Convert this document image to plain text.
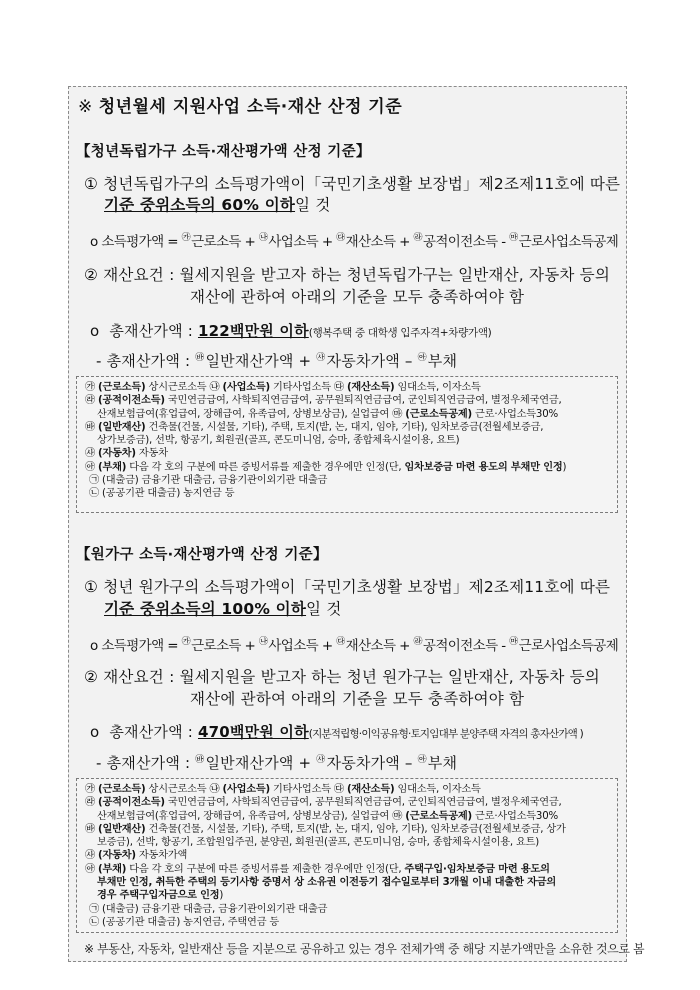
※ 청년월세 지원사업 소득·재산 산정 기준
【청년독립가구 소득·재산평가액 산정 기준】
① 청년독립가구의 소득평가액이「국민기초생활 보장법」제2조제11호에 따른
기준 중위소득의 60% 이하일 것
o 소득평가액 = ㉮근로소득 + ㉯사업소득 + ㉰재산소득 + ㉱공적이전소득 - ㉲근로사업소득공제
② 재산요건 : 월세지원을 받고자 하는 청년독립가구는 일반재산, 자동차 등의
재산에 관하여 아래의 기준을 모두 충족하여야 함
o 총재산가액 : 122백만원 이하(행복주택 중 대학생 입주자격+차량가액)
- 총재산가액 : ㉳일반재산가액 + ㉴자동차가액 – ㉵부채
㉮ (근로소득) 상시근로소득 ㉯ (사업소득) 기타사업소득 ㉰ (재산소득) 임대소득, 이자소득
㉱ (공적이전소득) 국민연금급여, 사학퇴직연금급여, 공무원퇴직연금급여, 군인퇴직연금급여, 별정우체국연금,
산재보험급여(휴업급여, 장해급여, 유족급여, 상병보상금), 실업급여 ㉲ (근로소득공제) 근로·사업소득30%
㉳ (일반재산) 건축물(건물, 시설물, 기타), 주택, 토지(밭, 논, 대지, 임야, 기타), 임차보증금(전월세보증금,
상가보증금), 선박, 항공기, 회원권(골프, 콘도미니엄, 승마, 종합체육시설이용, 요트)
㉴ (자동차) 자동차
㉵ (부채) 다음 각 호의 구분에 따른 증빙서류를 제출한 경우에만 인정(단, 임차보증금 마련 용도의 부채만 인정)
㉠ (대출금) 금융기관 대출금, 금융기관이외기관 대출금
㉡ (공공기관 대출금) 농지연금 등
【원가구 소득·재산평가액 산정 기준】
① 청년 원가구의 소득평가액이「국민기초생활 보장법」제2조제11호에 따른
기준 중위소득의 100% 이하일 것
o 소득평가액 = ㉮근로소득 + ㉯사업소득 + ㉰재산소득 + ㉱공적이전소득 - ㉲근로사업소득공제
② 재산요건 : 월세지원을 받고자 하는 청년 원가구는 일반재산, 자동차 등의
재산에 관하여 아래의 기준을 모두 충족하여야 함
o 총재산가액 : 470백만원 이하(지분적립형·이익공유형·토지임대부 분양주택 자격의 총자산가액 )
- 총재산가액 : ㉳일반재산가액 + ㉴자동차가액 – ㉵부채
㉮ (근로소득) 상시근로소득 ㉯ (사업소득) 기타사업소득 ㉰ (재산소득) 임대소득, 이자소득
㉱ (공적이전소득) 국민연금급여, 사학퇴직연금급여, 공무원퇴직연금급여, 군인퇴직연금급여, 별정우체국연금,
산재보험급여(휴업급여, 장해급여, 유족급여, 상병보상금), 실업급여 ㉲ (근로소득공제) 근로·사업소득30%
㉳ (일반재산) 건축물(건물, 시설물, 기타), 주택, 토지(밭, 논, 대지, 임야, 기타), 임차보증금(전월세보증금, 상가
보증금), 선박, 항공기, 조합원입주권, 분양권, 회원권(골프, 콘도미니엄, 승마, 종합체육시설이용, 요트)
㉴ (자동차) 자동차가액
㉵ (부채) 다음 각 호의 구분에 따른 증빙서류를 제출한 경우에만 인정(단, 주택구입·임차보증금 마련 용도의
부채만 인정, 취득한 주택의 등기사항 증명서 상 소유권 이전등기 접수일로부터 3개월 이내 대출한 자금의
경우 주택구입자금으로 인정)
㉠ (대출금) 금융기관 대출금, 금융기관이외기관 대출금
㉡ (공공기관 대출금) 농지연금, 주택연금 등
※ 부동산, 자동차, 일반재산 등을 지분으로 공유하고 있는 경우 전체가액 중 해당 지분가액만을 소유한 것으로 봄
